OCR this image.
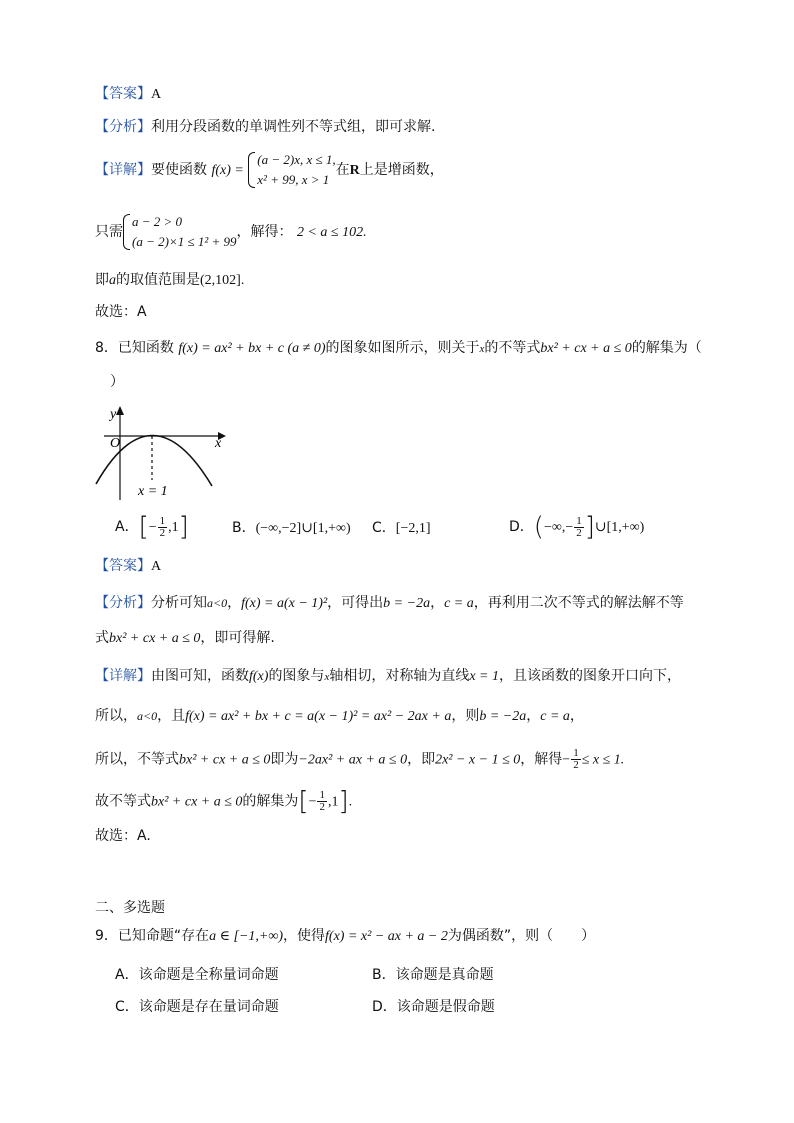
【答案】A
【分析】利用分段函数的单调性列不等式组，即可求解.
【详解】要使函数 f(x) =
(a − 2)x, x ≤ 1,
x² + 99, x > 1
在R上是增函数，
只需
a − 2 > 0
(a − 2)×1 ≤ 1² + 99
，解得： 2 < a ≤ 102.
即a的取值范围是(2,102].
故选：A
8．已知函数 f(x) = ax² + bx + c (a ≠ 0)的图象如图所示，则关于x的不等式bx² + cx + a ≤ 0的解集为（
）
y
x
O
x = 1
A．[− $\frac{1}{2} ,1$]	B．(−∞,−2]∪[1,+∞) C．[−2,1]	D．(−∞,− $\frac{1}{2}$ ]∪[1,+∞)
【答案】A
【分析】分析可知a<0，f(x) = a(x − 1)²，可得出b = −2a，c = a，再利用二次不等式的解法解不等
式bx² + cx + a ≤ 0，即可得解.
【详解】由图可知，函数f(x)的图象与x轴相切，对称轴为直线x = 1，且该函数的图象开口向下，
所以，a<0，且f(x) = ax² + bx + c = a(x − 1)² = ax² − 2ax + a，则b = −2a，c = a，
所以，不等式bx² + cx + a ≤ 0即为−2ax² + ax + a ≤ 0，即2x² − x − 1 ≤ 0，解得− $\frac{1}{2} \le x \le 1$.
故不等式bx² + cx + a ≤ 0的解集为[− $\frac{1}{2} ,1$].
故选：A.
二、多选题
9．已知命题“存在a ∈ [−1,+∞)，使得f(x) = x² − ax + a − 2为偶函数”，则（　　）
A．该命题是全称量词命题	B．该命题是真命题
C．该命题是存在量词命题	D．该命题是假命题
